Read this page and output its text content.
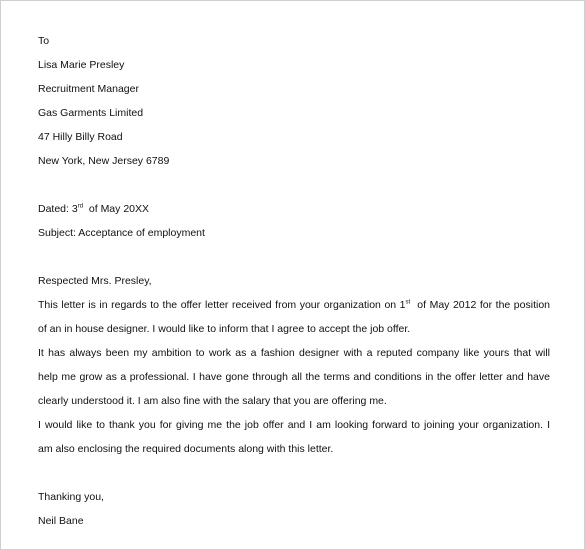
To
Lisa Marie Presley
Recruitment Manager
Gas Garments Limited
47 Hilly Billy Road
New York, New Jersey 6789
Dated: 3rd of May 20XX
Subject: Acceptance of employment
Respected Mrs. Presley,
This letter is in regards to the offer letter received from your organization on 1st of May 2012 for the position
of an in house designer. I would like to inform that I agree to accept the job offer.
It has always been my ambition to work as a fashion designer with a reputed company like yours that will
help me grow as a professional. I have gone through all the terms and conditions in the offer letter and have
clearly understood it. I am also fine with the salary that you are offering me.
I would like to thank you for giving me the job offer and I am looking forward to joining your organization. I
am also enclosing the required documents along with this letter.
Thanking you,
Neil Bane
